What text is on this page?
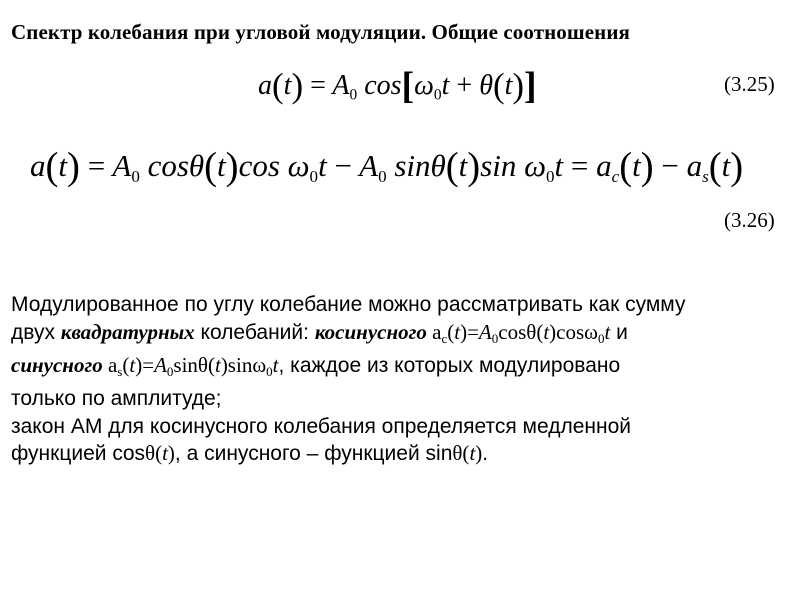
Спектр колебания при угловой модуляции. Общие соотношения
$a(t) = A_0$ $\cos[\omega_0t + \theta(t)]$	(3.25)
$a(t) = A_0$ cosθ(t)cos $\omega_0t - A_0$ sinθ(t)sin $\omega_0t = a_c(t) - a_s(t)$
(3.26)
Модулированное по углу колебание можно рассматривать как сумму
двух квадратурных колебаний: косинусного $a_c(t)=A_0\cos\theta(t)\cos\omega_0t$ и
синусного $a_s(t)=A_0\sin\theta(t)\sin\omega_0t$, каждое из которых модулировано
только по амплитуде;
закон АМ для косинусного колебания определяется медленной
функцией cosθ(t), а синусного – функцией sinθ(t).
